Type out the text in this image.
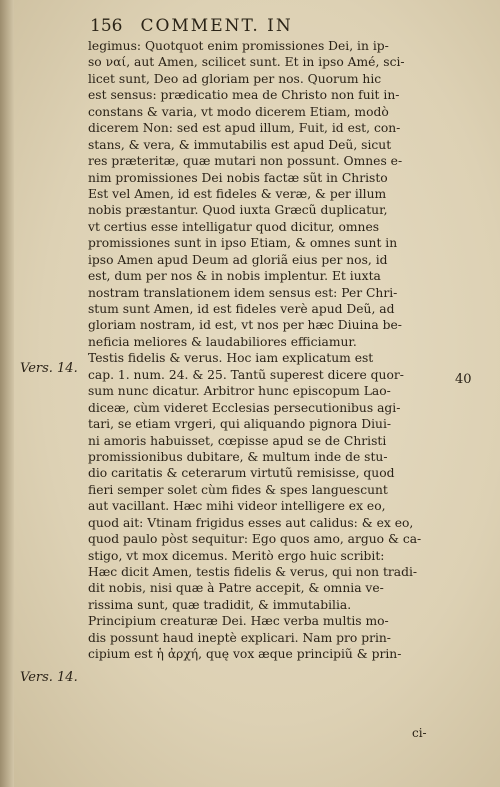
156 COMMENT. IN
legimus: Quotquot enim promissiones Dei, in ip-
so ναί, aut Amen, scilicet sunt. Et in ipso Amé, sci-
licet sunt, Deo ad gloriam per nos. Quorum hic
est sensus: prædicatio mea de Christo non fuit in-
constans & varia, vt modo dicerem Etiam, modò
dicerem Non: sed est apud illum, Fuit, id est, con-
stans, & vera, & immutabilis est apud Deũ, sicut
res præteritæ, quæ mutari non possunt. Omnes e-
nim promissiones Dei nobis factæ sũt in Christo
Est vel Amen, id est fideles & veræ, & per illum
nobis præstantur. Quod iuxta Græcũ duplicatur,
vt certius esse intelligatur quod dicitur, omnes
promissiones sunt in ipso Etiam, & omnes sunt in
ipso Amen apud Deum ad gloriã eius per nos, id
est, dum per nos & in nobis implentur. Et iuxta
nostram translationem idem sensus est: Per Chri-
stum sunt Amen, id est fideles verè apud Deũ, ad
gloriam nostram, id est, vt nos per hæc Diuina be-
neficia meliores & laudabiliores efficiamur.
Testis fidelis & verus. Hoc iam explicatum est
cap. 1. num. 24. & 25. Tantũ superest dicere quor-
sum nunc dicatur. Arbitror hunc episcopum Lao-
diceæ, cùm videret Ecclesias persecutionibus agi-
tari, se etiam vrgeri, qui aliquando pignora Diui-
ni amoris habuisset, cœpisse apud se de Christi
promissionibus dubitare, & multum inde de stu-
dio caritatis & ceterarum virtutũ remisisse, quod
fieri semper solet cùm fides & spes languescunt
aut vacillant. Hæc mihi videor intelligere ex eo,
quod ait: Vtinam frigidus esses aut calidus: & ex eo,
quod paulo pòst sequitur: Ego quos amo, arguo & ca-
stigo, vt mox dicemus. Meritò ergo huic scribit:
Hæc dicit Amen, testis fidelis & verus, qui non tradi-
dit nobis, nisi quæ à Patre accepit, & omnia ve-
rissima sunt, quæ tradidit, & immutabilia.
Principium creaturæ Dei. Hæc verba multis mo-
dis possunt haud ineptè explicari. Nam pro prin-
cipium est ἡ ἀρχή, quę vox æque principiũ & prin-
Vers. 14.
40
Vers. 14.
ci-
